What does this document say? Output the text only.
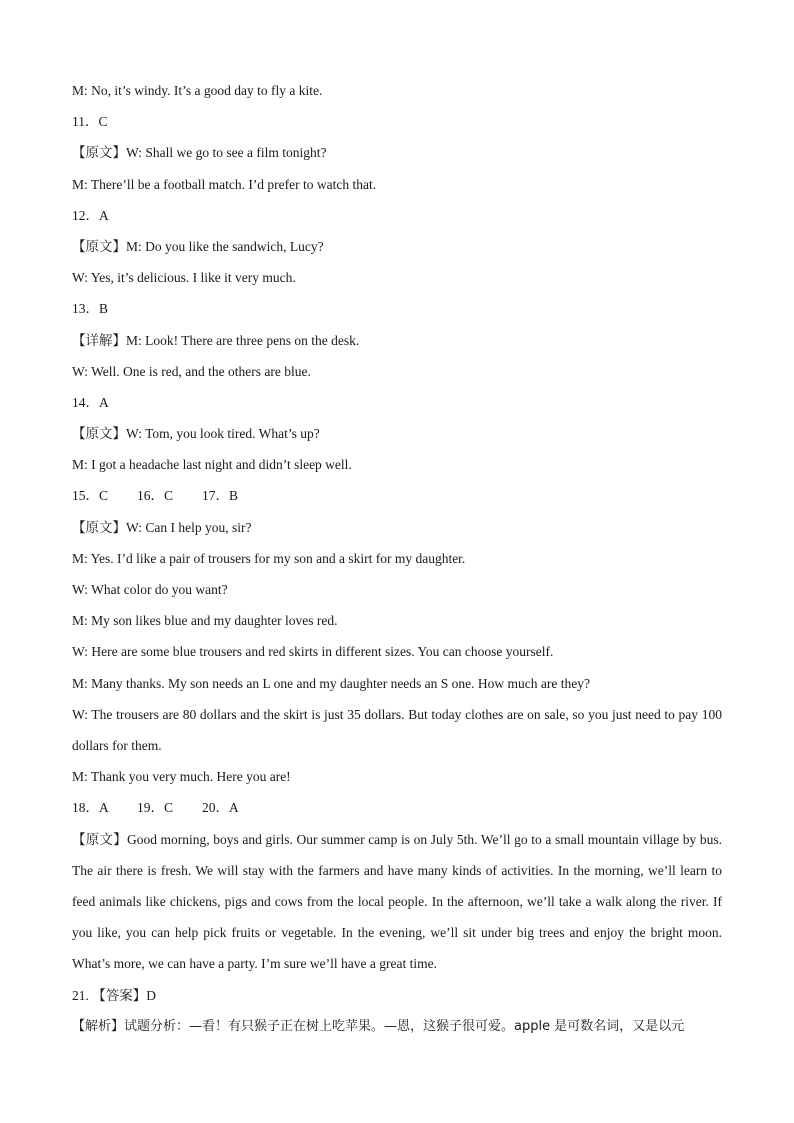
M: No, it’s windy. It’s a good day to fly a kite.
11．C
【原文】W: Shall we go to see a film tonight?
M: There’ll be a football match. I’d prefer to watch that.
12．A
【原文】M: Do you like the sandwich, Lucy?
W: Yes, it’s delicious. I like it very much.
13．B
【详解】M: Look! There are three pens on the desk.
W: Well. One is red, and the others are blue.
14．A
【原文】W: Tom, you look tired. What’s up?
M: I got a headache last night and didn’t sleep well.
15．C	16．C	17．B
【原文】W: Can I help you, sir?
M: Yes. I’d like a pair of trousers for my son and a skirt for my daughter.
W: What color do you want?
M: My son likes blue and my daughter loves red.
W: Here are some blue trousers and red skirts in different sizes. You can choose yourself.
M: Many thanks. My son needs an L one and my daughter needs an S one. How much are they?
W: The trousers are 80 dollars and the skirt is just 35 dollars. But today clothes are on sale, so you just need to pay 100 dollars for them.
M: Thank you very much. Here you are!
18．A	19．C	20．A
【原文】Good morning, boys and girls. Our summer camp is on July 5th. We’ll go to a small mountain village by bus. The air there is fresh. We will stay with the farmers and have many kinds of activities. In the morning, we’ll learn to feed animals like chickens, pigs and cows from the local people. In the afternoon, we’ll take a walk along the river. If you like, you can help pick fruits or vegetable. In the evening, we’ll sit under big trees and enjoy the bright moon. What’s more, we can have a party. I’m sure we’ll have a great time.
21. 【答案】D
【解析】试题分析：—看！有只猴子正在树上吃苹果。—恩，这猴子很可爱。apple 是可数名词，又是以元
